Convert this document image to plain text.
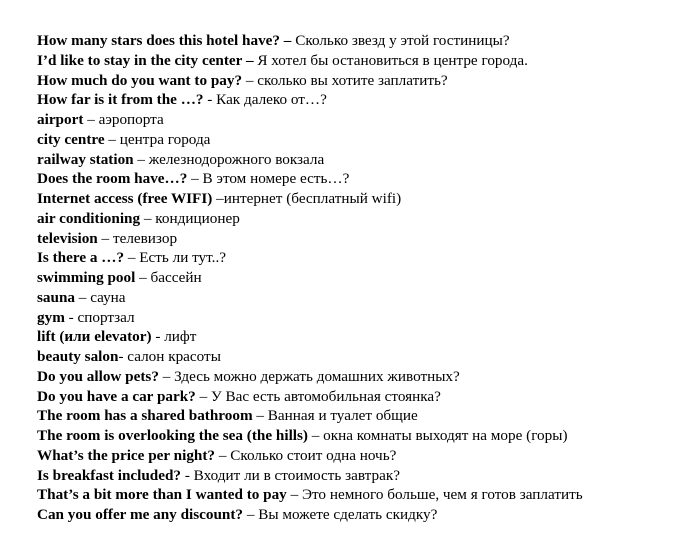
How many stars does this hotel have? – Сколько звезд у этой гостиницы?
I’d like to stay in the city center – Я хотел бы остановиться в центре города.
How much do you want to pay? – сколько вы хотите заплатить?
How far is it from the …? - Как далеко от…?
airport – аэропорта
city centre – центра города
railway station – железнодорожного вокзала
Does the room have…? – В этом номере есть…?
Internet access (free WIFI) –интернет (бесплатный wifi)
air conditioning – кондиционер
television – телевизор
Is there a …? – Есть ли тут..?
swimming pool – бассейн
sauna – сауна
gym - спортзал
lift (или elevator) - лифт
beauty salon- салон красоты
Do you allow pets? – Здесь можно держать домашних животных?
Do you have a car park? – У Вас есть автомобильная стоянка?
The room has a shared bathroom – Ванная и туалет общие
The room is overlooking the sea (the hills) – окна комнаты выходят на море (горы)
What’s the price per night? – Сколько стоит одна ночь?
Is breakfast included? - Входит ли в стоимость завтрак?
That’s a bit more than I wanted to pay – Это немного больше, чем я готов заплатить
Can you offer me any discount? – Вы можете сделать скидку?
